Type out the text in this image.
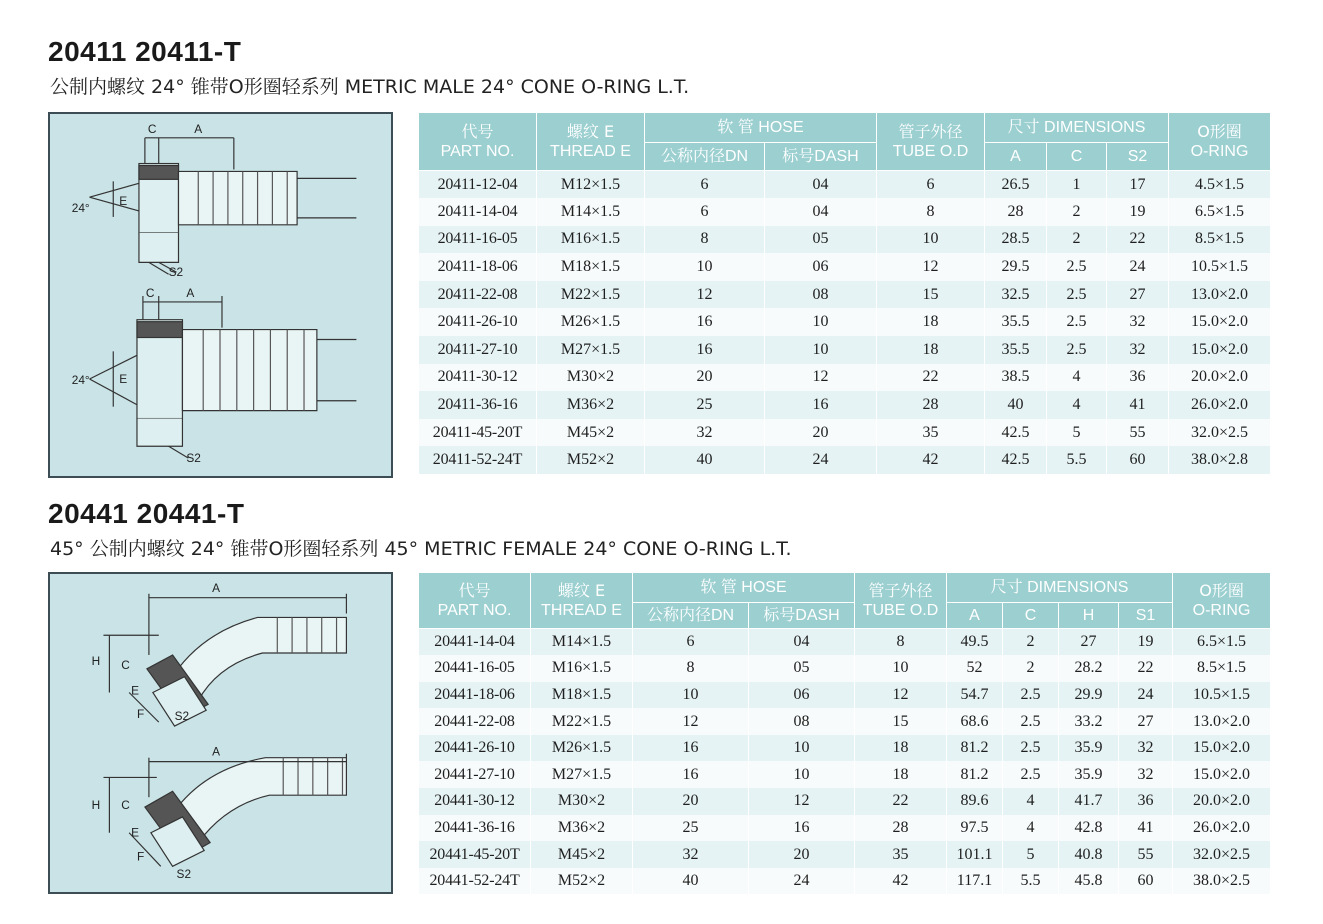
20411 20411-T
公制内螺纹 24° 锥带O形圈轻系列 METRIC MALE 24° CONE O-RING L.T.
C	A
24° E
S2
C	A
24° E
S2
代号
PART NO.	螺纹 E
THREAD E	软 管 HOSE		管子外径
TUBE O.D	尺寸 DIMENSIONS			O形圈
O-RING
		公称内径DN	标号DASH		A	C	S2	
20411-12-04	M12×1.5	6	04	6	26.5	1	17	4.5×1.5
20411-14-04	M14×1.5	6	04	8	28	2	19	6.5×1.5
20411-16-05	M16×1.5	8	05	10	28.5	2	22	8.5×1.5
20411-18-06	M18×1.5	10	06	12	29.5	2.5	24	10.5×1.5
20411-22-08	M22×1.5	12	08	15	32.5	2.5	27	13.0×2.0
20411-26-10	M26×1.5	16	10	18	35.5	2.5	32	15.0×2.0
20411-27-10	M27×1.5	16	10	18	35.5	2.5	32	15.0×2.0
20411-30-12	M30×2	20	12	22	38.5	4	36	20.0×2.0
20411-36-16	M36×2	25	16	28	40	4	41	26.0×2.0
20411-45-20T	M45×2	32	20	35	42.5	5	55	32.0×2.5
20411-52-24T	M52×2	40	24	42	42.5	5.5	60	38.0×2.8
20441 20441-T
45° 公制内螺纹 24° 锥带O形圈轻系列 45° METRIC FEMALE 24° CONE O-RING L.T.
A
H C
E
F	S2
A
H C
E
F
S2
代号
PART NO.	螺纹 E
THREAD E	软 管 HOSE		管子外径
TUBE O.D	尺寸 DIMENSIONS				O形圈
O-RING
		公称内径DN	标号DASH		A	C	H	S1	
20441-14-04	M14×1.5	6	04	8	49.5	2	27	19	6.5×1.5
20441-16-05	M16×1.5	8	05	10	52	2	28.2	22	8.5×1.5
20441-18-06	M18×1.5	10	06	12	54.7	2.5	29.9	24	10.5×1.5
20441-22-08	M22×1.5	12	08	15	68.6	2.5	33.2	27	13.0×2.0
20441-26-10	M26×1.5	16	10	18	81.2	2.5	35.9	32	15.0×2.0
20441-27-10	M27×1.5	16	10	18	81.2	2.5	35.9	32	15.0×2.0
20441-30-12	M30×2	20	12	22	89.6	4	41.7	36	20.0×2.0
20441-36-16	M36×2	25	16	28	97.5	4	42.8	41	26.0×2.0
20441-45-20T	M45×2	32	20	35	101.1	5	40.8	55	32.0×2.5
20441-52-24T	M52×2	40	24	42	117.1	5.5	45.8	60	38.0×2.5
